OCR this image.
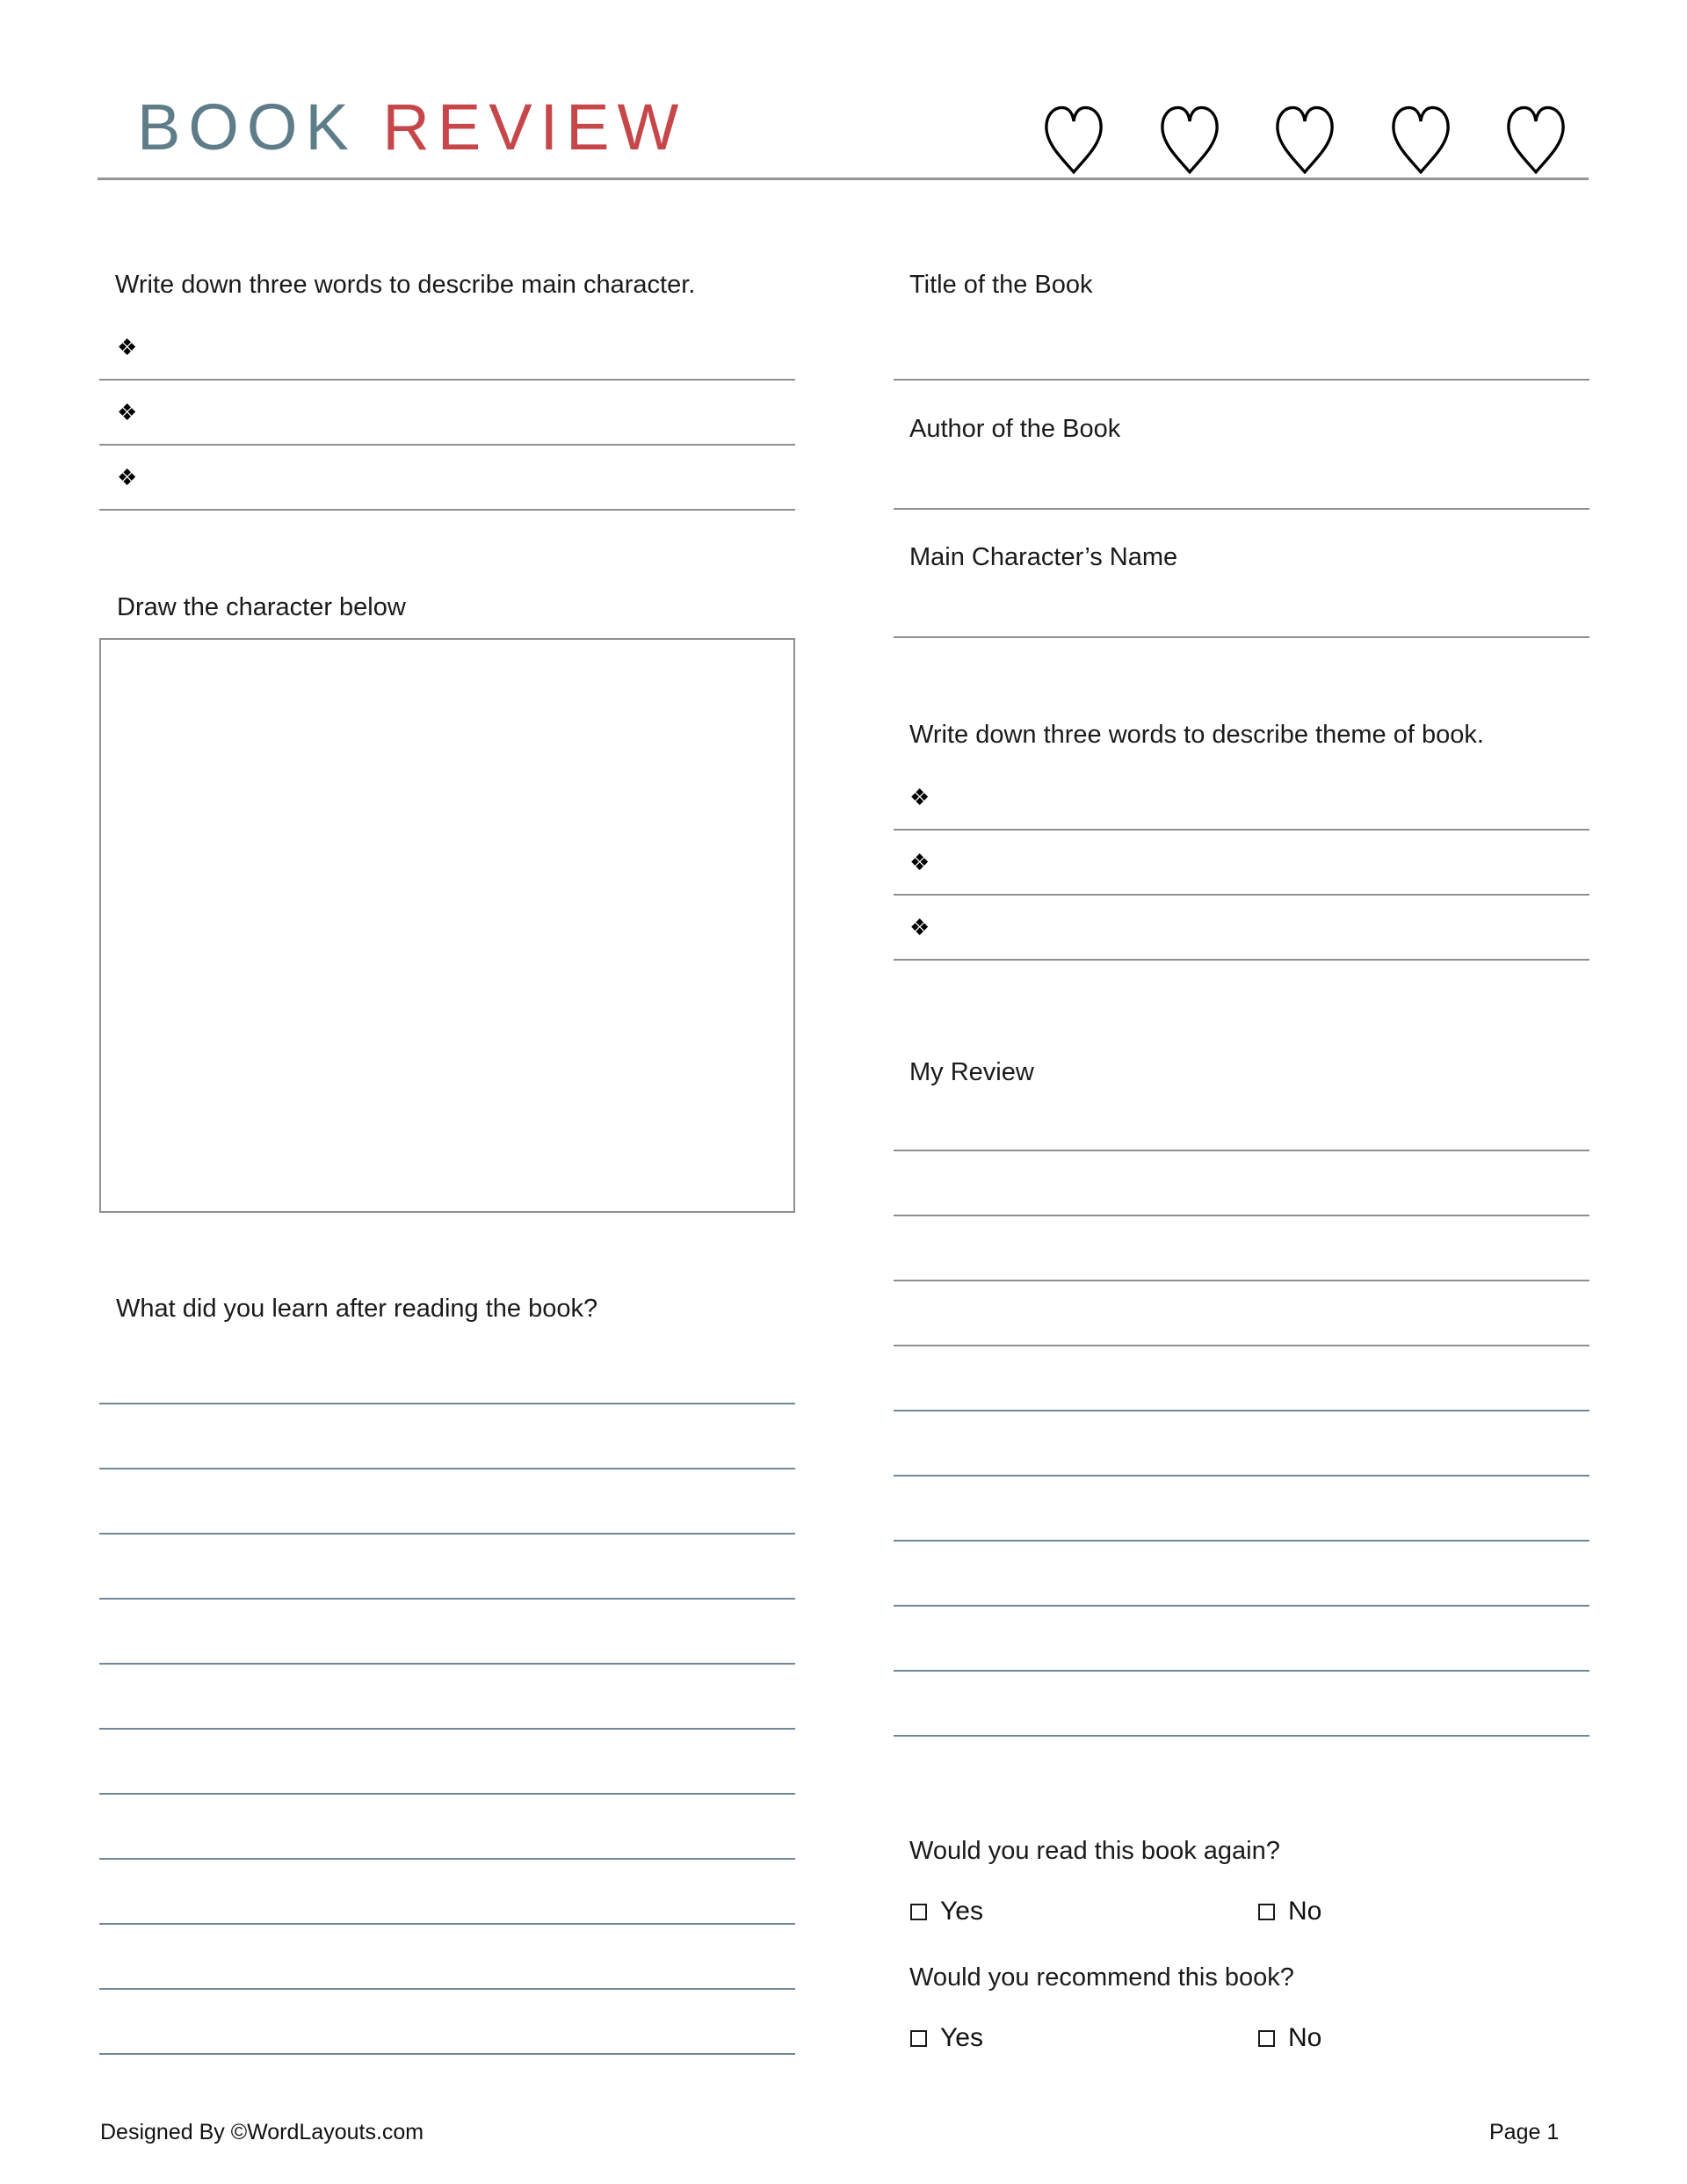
BOOK REVIEW
Write down three words to describe main character.
❖
❖
❖
Draw the character below
What did you learn after reading the book?
Title of the Book
Author of the Book
Main Character’s Name
Write down three words to describe theme of book.
❖
❖
❖
My Review
Would you read this book again?
Yes	No
Would you recommend this book?
Yes	No
Designed By ©WordLayouts.com	Page 1
